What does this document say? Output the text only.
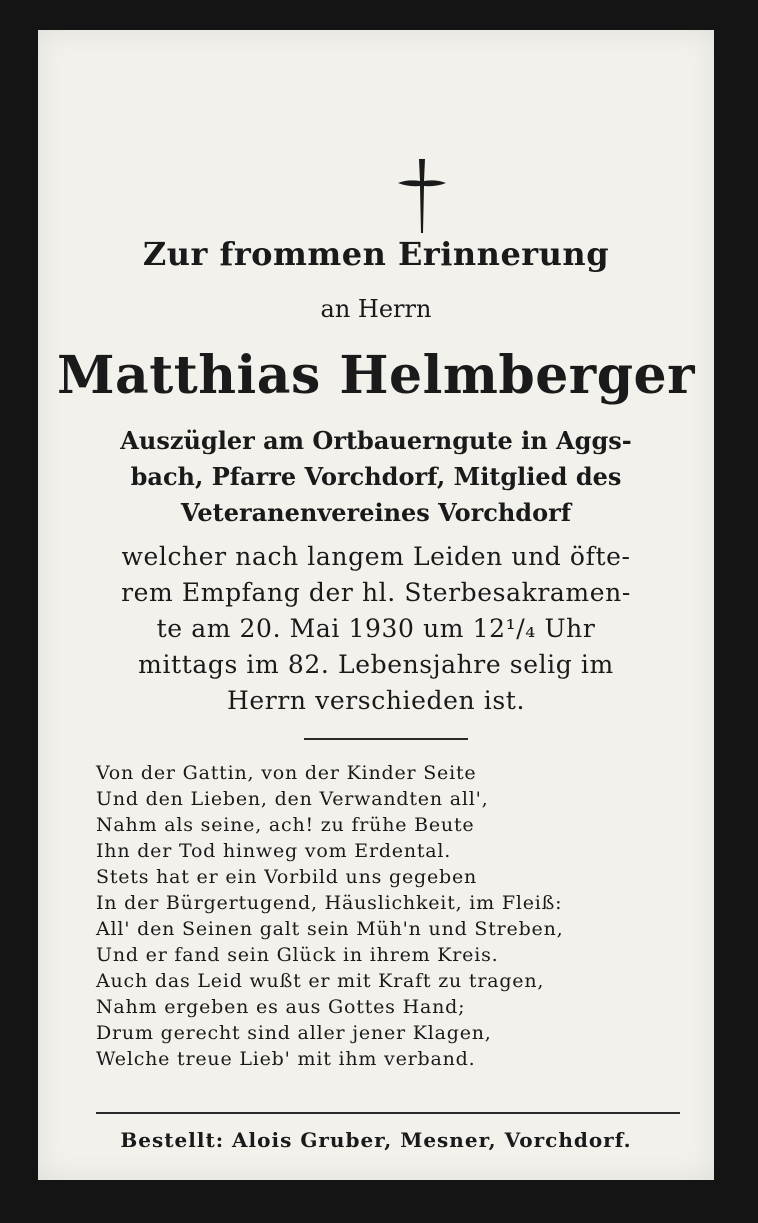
Zur frommen Erinnerung
an Herrn
Matthias Helmberger
Auszügler am Ortbauerngute in Aggs-
bach, Pfarre Vorchdorf, Mitglied des
Veteranenvereines Vorchdorf
welcher nach langem Leiden und öfte-
rem Empfang der hl. Sterbesakramen-
te am 20. Mai 1930 um 12¹/₄ Uhr
mittags im 82. Lebensjahre selig im
Herrn verschieden ist.
Von der Gattin, von der Kinder Seite
Und den Lieben, den Verwandten all',
Nahm als seine, ach! zu frühe Beute
Ihn der Tod hinweg vom Erdental.
Stets hat er ein Vorbild uns gegeben
In der Bürgertugend, Häuslichkeit, im Fleiß:
All' den Seinen galt sein Müh'n und Streben,
Und er fand sein Glück in ihrem Kreis.
Auch das Leid wußt er mit Kraft zu tragen,
Nahm ergeben es aus Gottes Hand;
Drum gerecht sind aller jener Klagen,
Welche treue Lieb' mit ihm verband.
Bestellt: Alois Gruber, Mesner, Vorchdorf.
